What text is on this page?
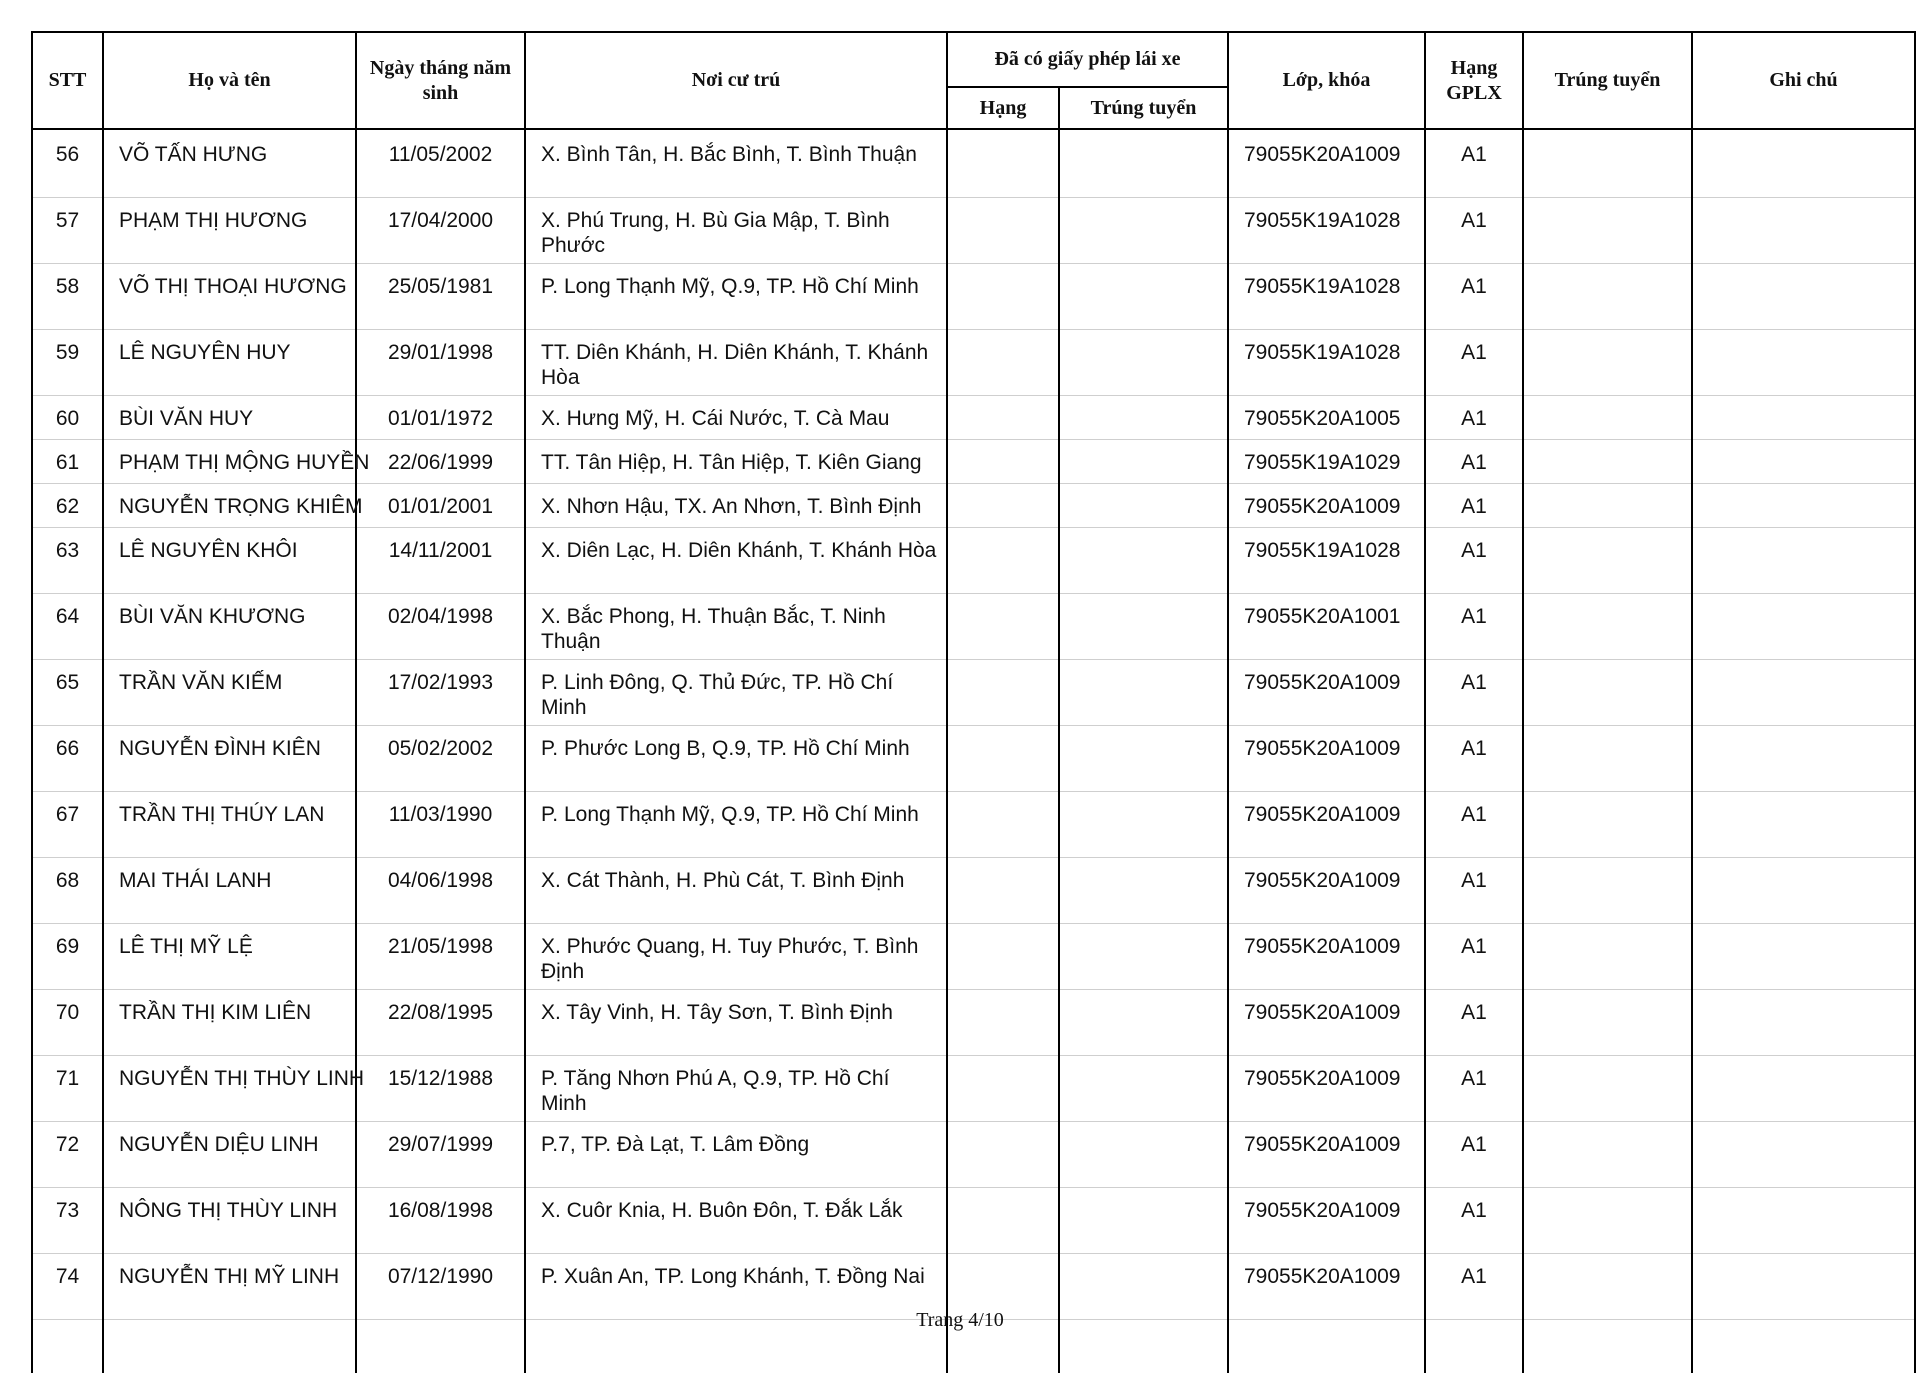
STT	Họ và tên	Ngày tháng năm sinh	Nơi cư trú	Đã có giấy phép lái xe		Lớp, khóa	Hạng GPLX	Trúng tuyển	Ghi chú
				Hạng	Trúng tuyển				
56	VÕ TẤN HƯNG	11/05/2002	X. Bình Tân, H. Bắc Bình, T. Bình Thuận			79055K20A1009	A1		
57	PHẠM THỊ HƯƠNG	17/04/2000	X. Phú Trung, H. Bù Gia Mập, T. Bình Phước			79055K19A1028	A1		
58	VÕ THỊ THOẠI HƯƠNG	25/05/1981	P. Long Thạnh Mỹ, Q.9, TP. Hồ Chí Minh			79055K19A1028	A1		
59	LÊ NGUYÊN HUY	29/01/1998	TT. Diên Khánh, H. Diên Khánh, T. Khánh Hòa			79055K19A1028	A1		
60	BÙI VĂN HUY	01/01/1972	X. Hưng Mỹ, H. Cái Nước, T. Cà Mau			79055K20A1005	A1		
61	PHẠM THỊ MỘNG HUYỀN	22/06/1999	TT. Tân Hiệp, H. Tân Hiệp, T. Kiên Giang			79055K19A1029	A1		
62	NGUYỄN TRỌNG KHIÊM	01/01/2001	X. Nhơn Hậu, TX. An Nhơn, T. Bình Định			79055K20A1009	A1		
63	LÊ NGUYÊN KHÔI	14/11/2001	X. Diên Lạc, H. Diên Khánh, T. Khánh Hòa			79055K19A1028	A1		
64	BÙI VĂN KHƯƠNG	02/04/1998	X. Bắc Phong, H. Thuận Bắc, T. Ninh Thuận			79055K20A1001	A1		
65	TRẦN VĂN KIẾM	17/02/1993	P. Linh Đông, Q. Thủ Đức, TP. Hồ Chí Minh			79055K20A1009	A1		
66	NGUYỄN ĐÌNH KIÊN	05/02/2002	P. Phước Long B, Q.9, TP. Hồ Chí Minh			79055K20A1009	A1		
67	TRẦN THỊ THÚY LAN	11/03/1990	P. Long Thạnh Mỹ, Q.9, TP. Hồ Chí Minh			79055K20A1009	A1		
68	MAI THÁI LANH	04/06/1998	X. Cát Thành, H. Phù Cát, T. Bình Định			79055K20A1009	A1		
69	LÊ THỊ MỸ LỆ	21/05/1998	X. Phước Quang, H. Tuy Phước, T. Bình Định			79055K20A1009	A1		
70	TRẦN THỊ KIM LIÊN	22/08/1995	X. Tây Vinh, H. Tây Sơn, T. Bình Định			79055K20A1009	A1		
71	NGUYỄN THỊ THÙY LINH	15/12/1988	P. Tăng Nhơn Phú A, Q.9, TP. Hồ Chí Minh			79055K20A1009	A1		
72	NGUYỄN DIỆU LINH	29/07/1999	P.7, TP. Đà Lạt, T. Lâm Đồng			79055K20A1009	A1		
73	NÔNG THỊ THÙY LINH	16/08/1998	X. Cuôr Knia, H. Buôn Đôn, T. Đắk Lắk			79055K20A1009	A1		
74	NGUYỄN THỊ MỸ LINH	07/12/1990	P. Xuân An, TP. Long Khánh, T. Đồng Nai			79055K20A1009	A1		

Trang 4/10
